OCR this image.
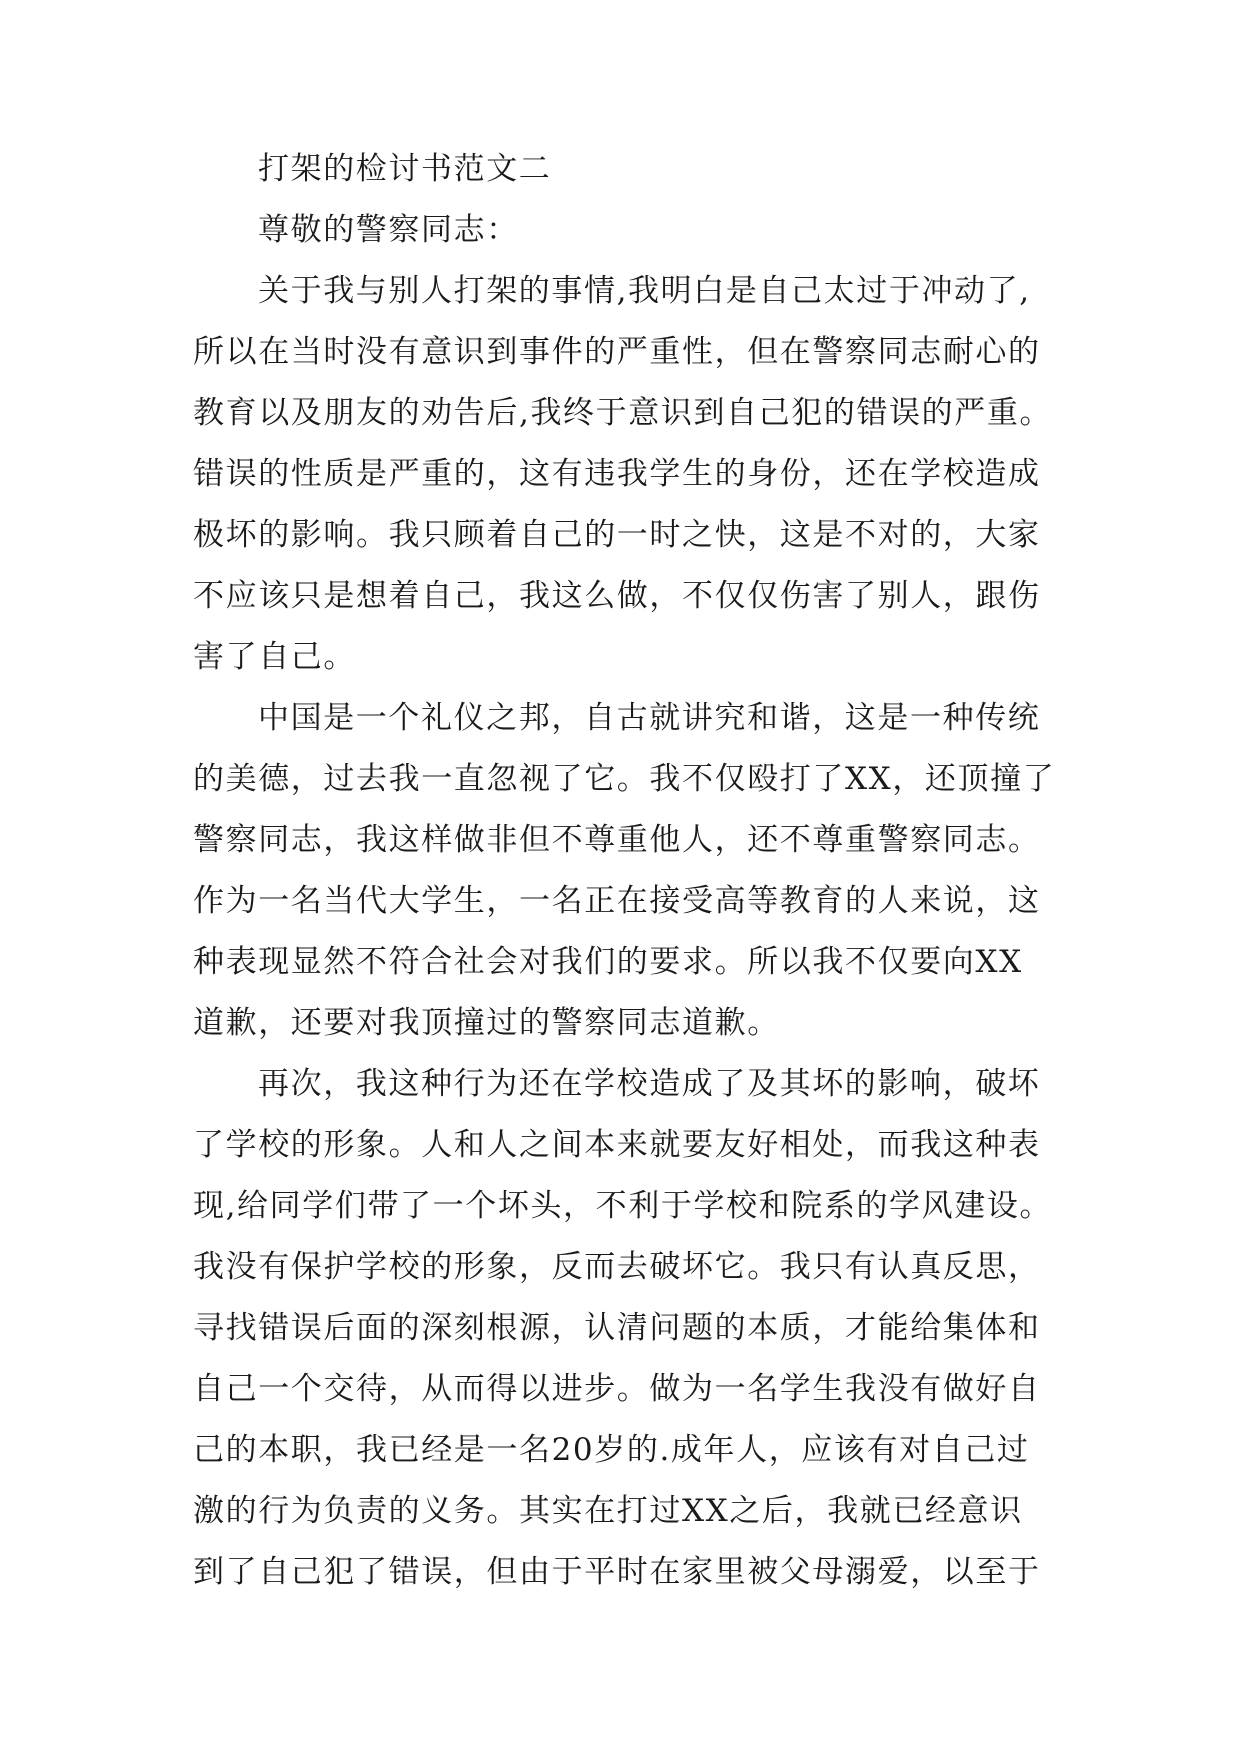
打架的检讨书范文二
尊敬的警察同志：
关于我与别人打架的事情,我明白是自己太过于冲动了,
所以在当时没有意识到事件的严重性，但在警察同志耐心的
教育以及朋友的劝告后,我终于意识到自己犯的错误的严重。
错误的性质是严重的，这有违我学生的身份，还在学校造成
极坏的影响。我只顾着自己的一时之快，这是不对的，大家
不应该只是想着自己，我这么做，不仅仅伤害了别人，跟伤
害了自己。
中国是一个礼仪之邦，自古就讲究和谐，这是一种传统
的美德，过去我一直忽视了它。我不仅殴打了XX，还顶撞了
警察同志，我这样做非但不尊重他人，还不尊重警察同志。
作为一名当代大学生，一名正在接受高等教育的人来说，这
种表现显然不符合社会对我们的要求。所以我不仅要向XX
道歉，还要对我顶撞过的警察同志道歉。
再次，我这种行为还在学校造成了及其坏的影响，破坏
了学校的形象。人和人之间本来就要友好相处，而我这种表
现,给同学们带了一个坏头，不利于学校和院系的学风建设。
我没有保护学校的形象，反而去破坏它。我只有认真反思，
寻找错误后面的深刻根源，认清问题的本质，才能给集体和
自己一个交待，从而得以进步。做为一名学生我没有做好自
己的本职，我已经是一名20岁的.成年人，应该有对自己过
激的行为负责的义务。其实在打过XX之后，我就已经意识
到了自己犯了错误，但由于平时在家里被父母溺爱，以至于
